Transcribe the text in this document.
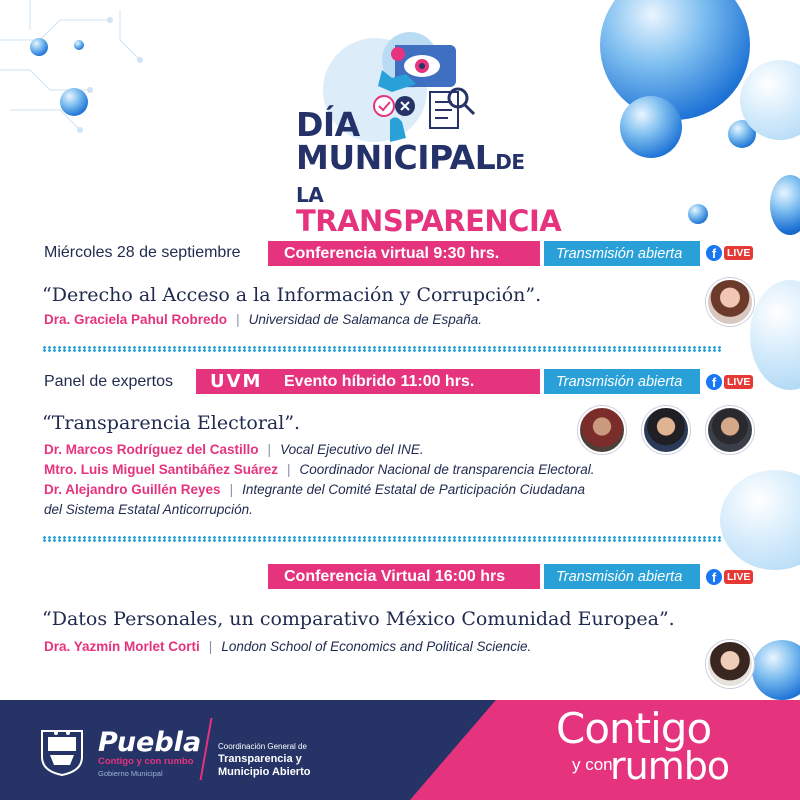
DÍA
MUNICIPALDE LA
TRANSPARENCIA
Miércoles 28 de septiembre	Conferencia virtual 9:30 hrs.	Transmisión abierta	f	LIVE
“Derecho al Acceso a la Información y Corrupción”.
Dra. Graciela Pahul Robredo | Universidad de Salamanca de España.
Panel de expertos	Evento híbrido 11:00 hrs.
UVM	Transmisión abierta	f	LIVE
“Transparencia Electoral”.
Dr. Marcos Rodríguez del Castillo | Vocal Ejecutivo del INE.
Mtro. Luis Miguel Santibáñez Suárez | Coordinador Nacional de transparencia Electoral.
Dr. Alejandro Guillén Reyes | Integrante del Comité Estatal de Participación Ciudadana
del Sistema Estatal Anticorrupción.
Conferencia Virtual 16:00 hrs	Transmisión abierta	f	LIVE
“Datos Personales, un comparativo México Comunidad Europea”.
Dra. Yazmín Morlet Corti | London School of Economics and Political Sciencie.
Puebla
Contigo y con rumbo
Gobierno Municipal
Coordinación General de
Transparencia y
Municipio Abierto
Contigo
y con
rumbo
